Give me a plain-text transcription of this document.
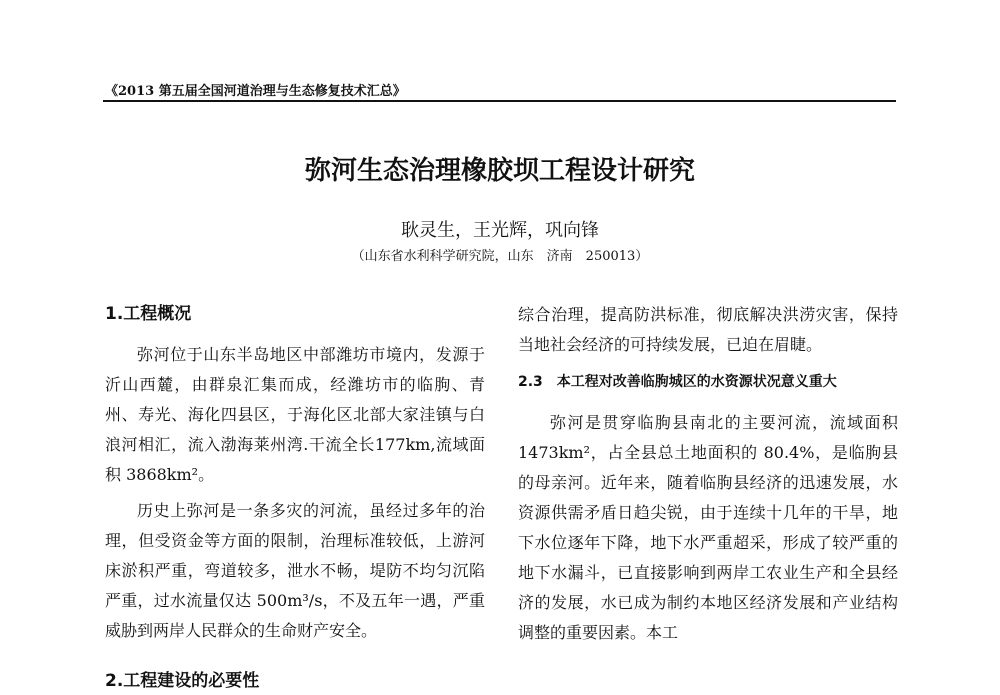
《2013 第五届全国河道治理与生态修复技术汇总》
弥河生态治理橡胶坝工程设计研究
耿灵生，王光辉，巩向锋
（山东省水利科学研究院，山东　济南　250013）
1.工程概况

弥河位于山东半岛地区中部潍坊市境内，发源于沂山西麓，由群泉汇集而成，经潍坊市的临朐、青州、寿光、海化四县区，于海化区北部大家洼镇与白浪河相汇，流入渤海莱州湾.干流全长177km,流域面积 3868km²。

历史上弥河是一条多灾的河流，虽经过多年的治理，但受资金等方面的限制，治理标准较低，上游河床淤积严重，弯道较多，泄水不畅，堤防不均匀沉陷严重，过水流量仅达 500m³/s，不及五年一遇，严重威胁到两岸人民群众的生命财产安全。

2.工程建设的必要性

综合治理，提高防洪标准，彻底解决洪涝灾害，保持当地社会经济的可持续发展，已迫在眉睫。

2.3　本工程对改善临朐城区的水资源状况意义重大

弥河是贯穿临朐县南北的主要河流，流域面积 1473km²，占全县总土地面积的 80.4%，是临朐县的母亲河。近年来，随着临朐县经济的迅速发展，水资源供需矛盾日趋尖锐，由于连续十几年的干旱，地下水位逐年下降，地下水严重超采，形成了较严重的地下水漏斗，已直接影响到两岸工农业生产和全县经济的发展，水已成为制约本地区经济发展和产业结构调整的重要因素。本工
